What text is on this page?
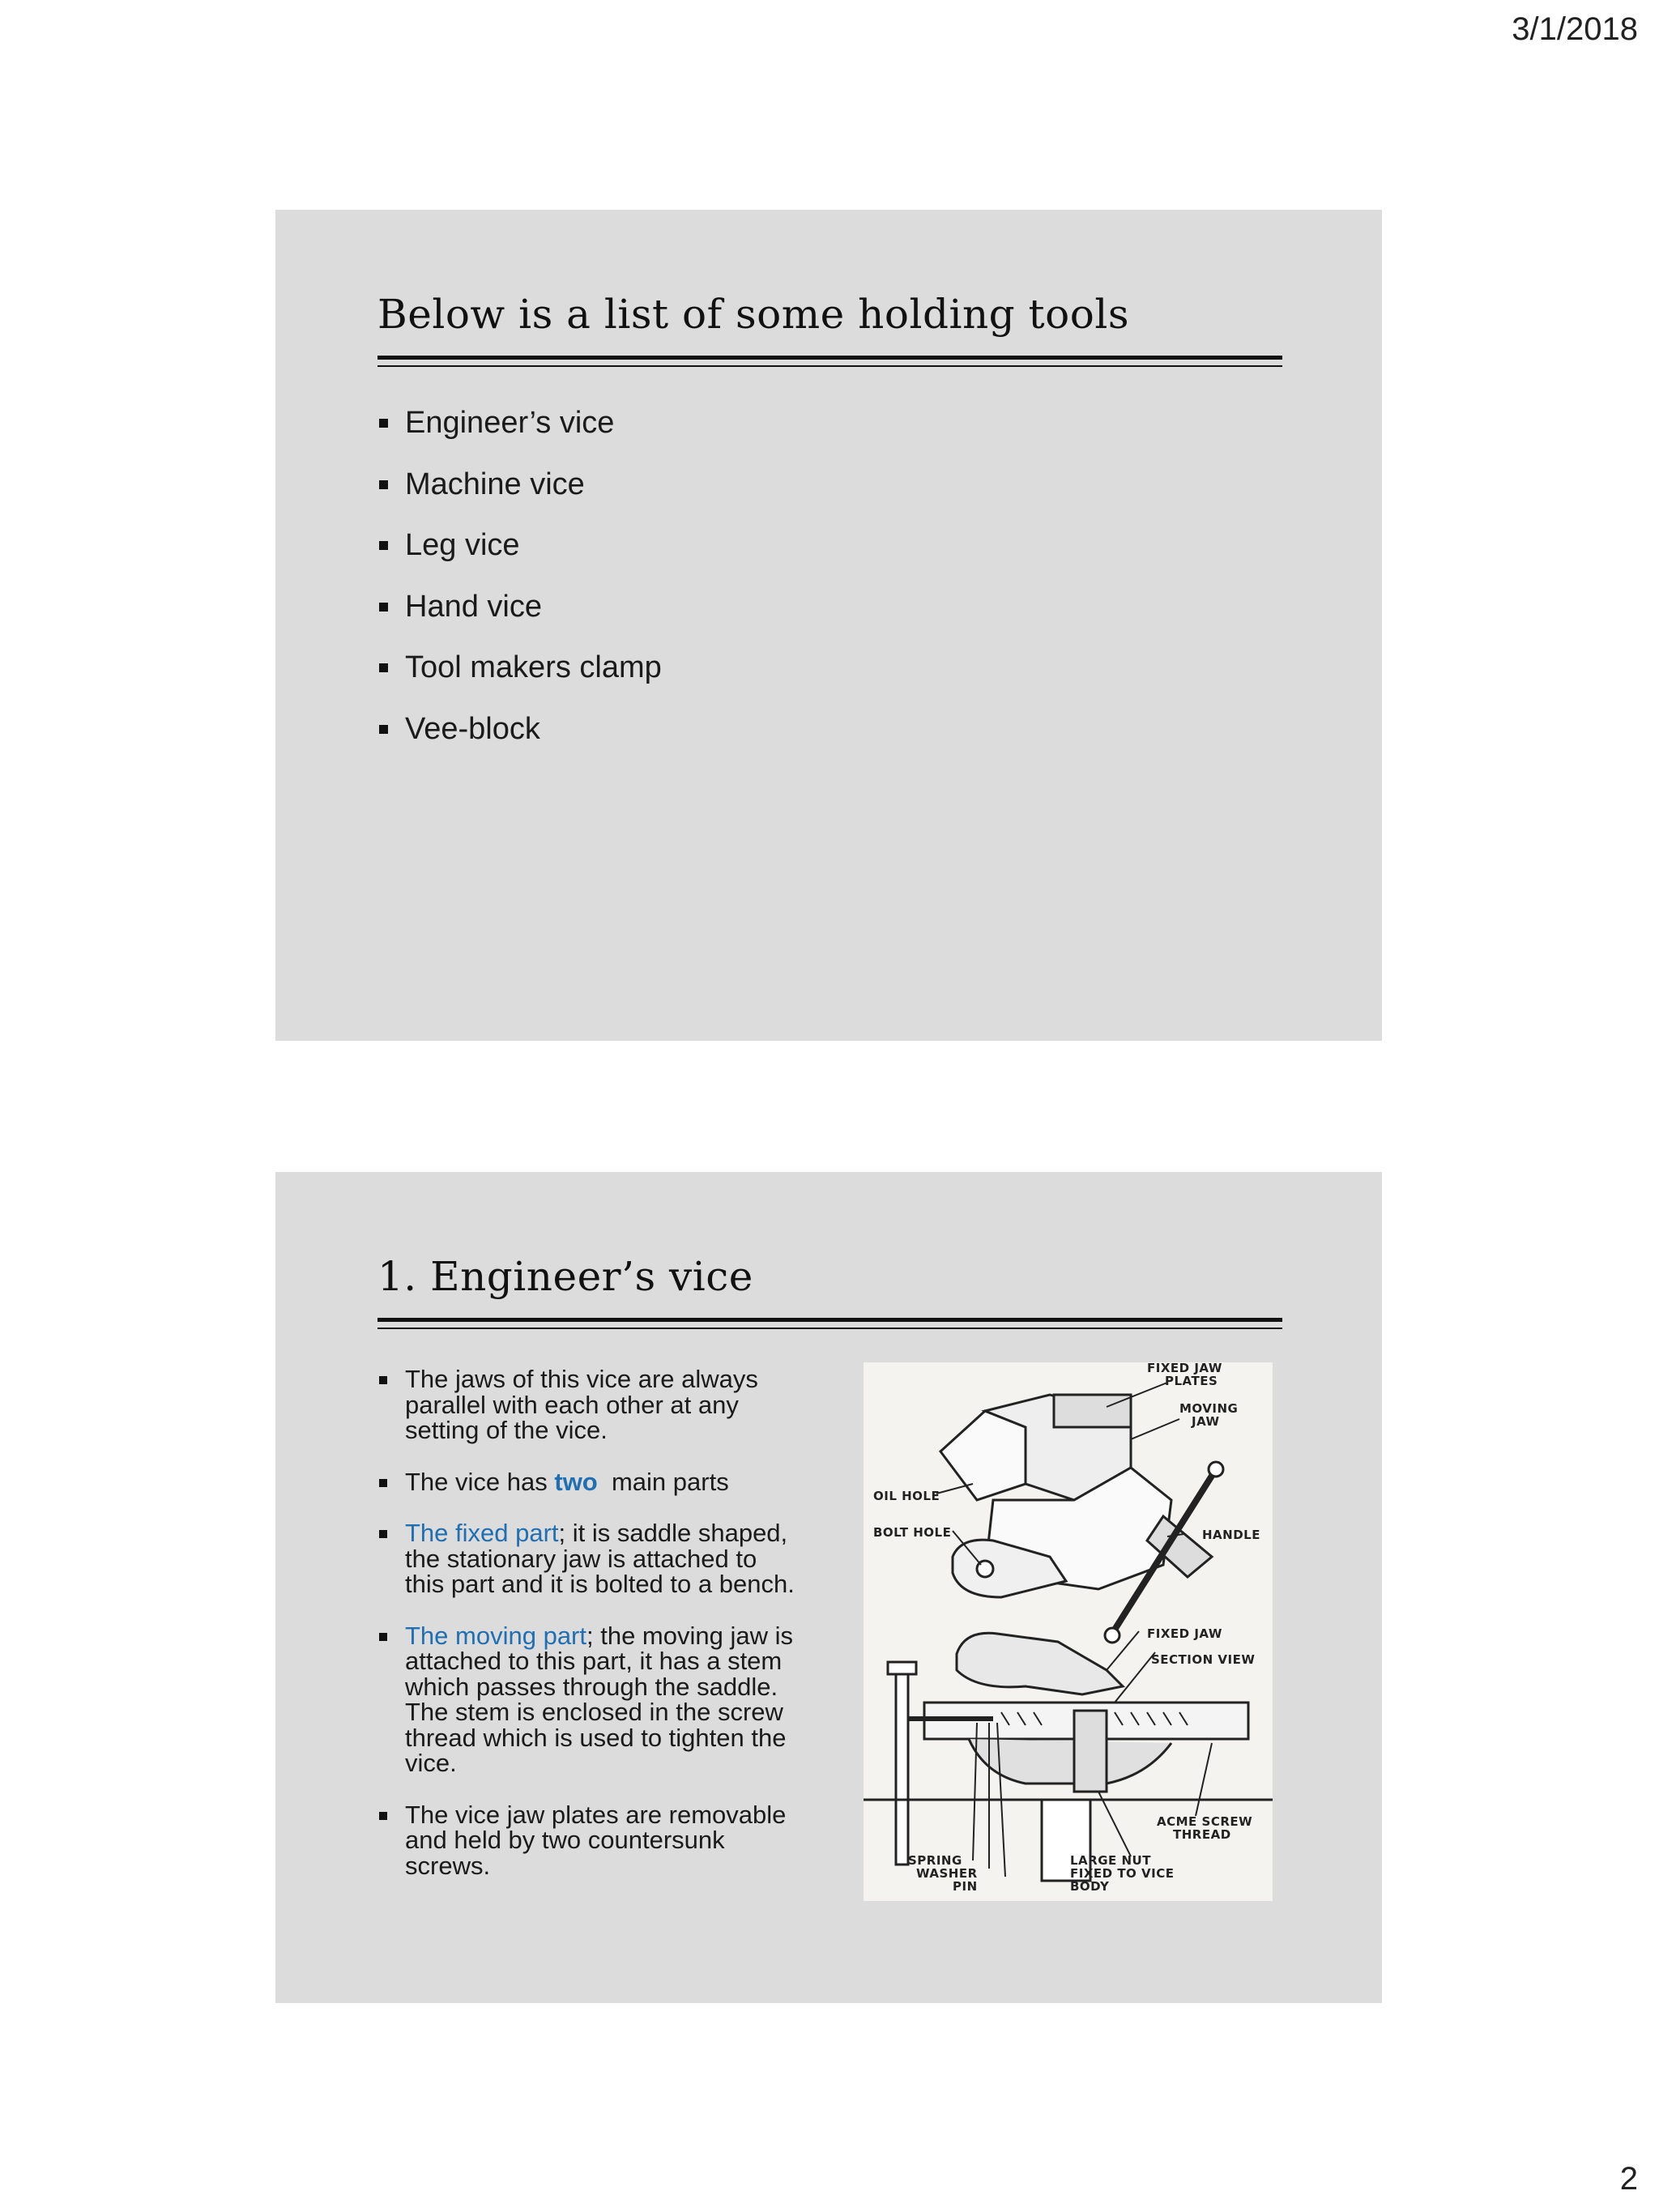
3/1/2018
Below is a list of some holding tools
Engineer’s vice
Machine vice
Leg vice
Hand vice
Tool makers clamp
Vee-block
1. Engineer’s vice
The jaws of this vice are always parallel with each other at any setting of the vice.
The vice has two  main parts
The fixed part; it is saddle shaped, the stationary jaw is attached to this part and it is bolted to a bench.
The moving part; the moving jaw is attached to this part, it has a stem which passes through the saddle. The stem is enclosed in the screw thread which is used to tighten the vice.
The vice jaw plates are removable and held by two countersunk screws.
FIXED JAW
PLATES
MOVING
JAW
OIL HOLE
BOLT HOLE	HANDLE
FIXED JAW
SECTION VIEW
ACME SCREW
THREAD
SPRING
WASHER
PIN
LARGE NUT
FIXED TO VICE
BODY
2
